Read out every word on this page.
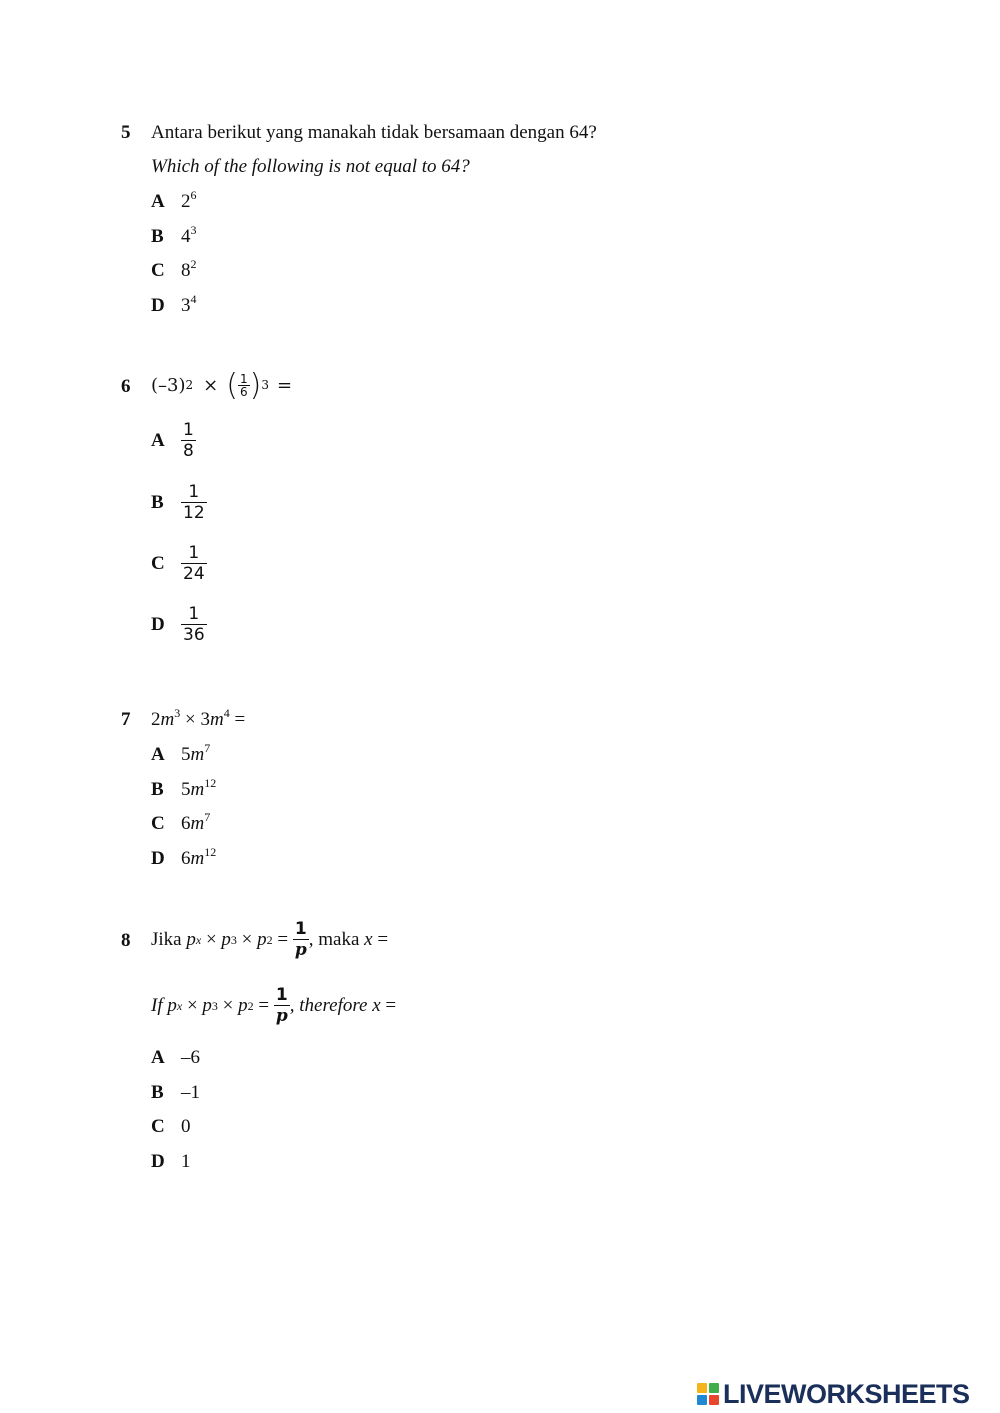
5 Antara berikut yang manakah tidak bersamaan dengan 64?
Which of the following is not equal to 64?
A $2^6$
B $4^3$
C $8^2$
D $3^4$
6 (–3) 2 × ( $\frac{1}{6}$ ) 3 =
A $\frac{1}{8}$
B	$\frac{1}{12}$
C $\frac{1}{24}$
D $\frac{1}{36}$
7 $2m^3 \times 3m^4$ =
A $5m^7$
B $5m^{12}$
C $6m^7$
D $6m^{12}$
8 Jika p x × p 3 × p $2 = \frac{1}{p}$ , maka x =
If p x × p 3 × p $2 = \frac{1}{p}$ , therefore x =
A –6
B –1
C 0
D 1
LIVEWORKSHEETS
